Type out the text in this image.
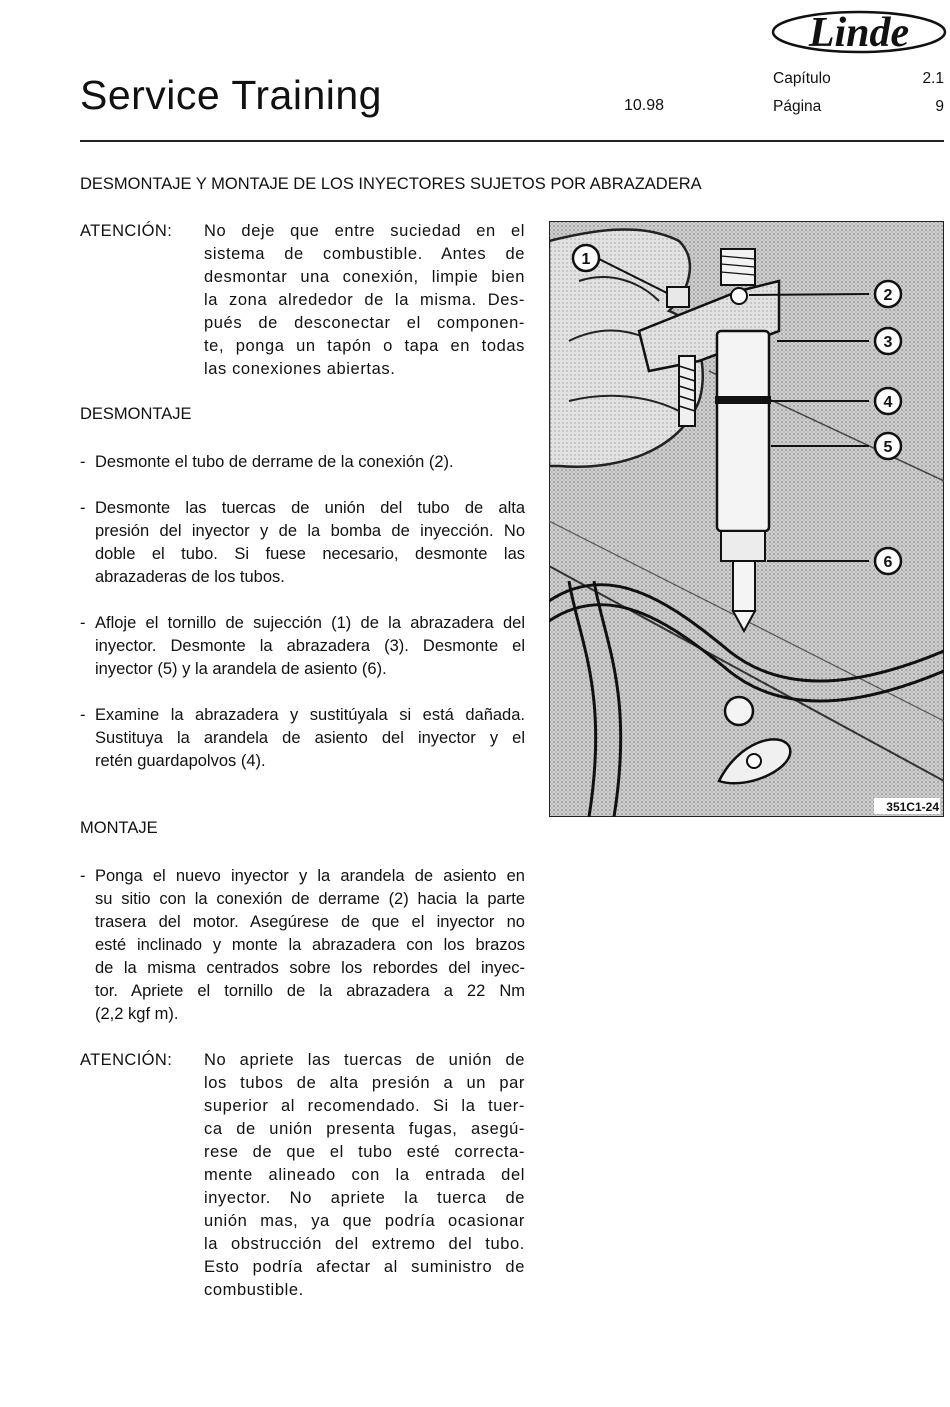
Linde
Service Training	10.98
Capítulo	2.1
Página	9
DESMONTAJE Y MONTAJE DE LOS INYECTORES SUJETOS POR ABRAZADERA
ATENCIÓN: No deje que entre suciedad en el
sistema de combustible. Antes de
desmontar una conexión, limpie bien
la zona alrededor de la misma. Des-
pués de desconectar el componen-
te, ponga un tapón o tapa en todas
las conexiones abiertas.
DESMONTAJE
- Desmonte el tubo de derrame de la conexión (2).
- Desmonte las tuercas de unión del tubo de alta
presión del inyector y de la bomba de inyección. No
doble el tubo. Si fuese necesario, desmonte las
abrazaderas de los tubos.
- Afloje el tornillo de sujección (1) de la abrazadera del
inyector. Desmonte la abrazadera (3). Desmonte el
inyector (5) y la arandela de asiento (6).
- Examine la abrazadera y sustitúyala si está dañada.
Sustituya la arandela de asiento del inyector y el
retén guardapolvos (4).
MONTAJE
- Ponga el nuevo inyector y la arandela de asiento en
su sitio con la conexión de derrame (2) hacia la parte
trasera del motor. Asegúrese de que el inyector no
esté inclinado y monte la abrazadera con los brazos
de la misma centrados sobre los rebordes del inyec-
tor. Apriete el tornillo de la abrazadera a 22 Nm
(2,2 kgf m).
ATENCIÓN: No apriete las tuercas de unión de
los tubos de alta presión a un par
superior al recomendado. Si la tuer-
ca de unión presenta fugas, asegú-
rese de que el tubo esté correcta-
mente alineado con la entrada del
inyector. No apriete la tuerca de
unión mas, ya que podría ocasionar
la obstrucción del extremo del tubo.
Esto podría afectar al suministro de
combustible.
1
2
3
4
5
6
351C1-24
